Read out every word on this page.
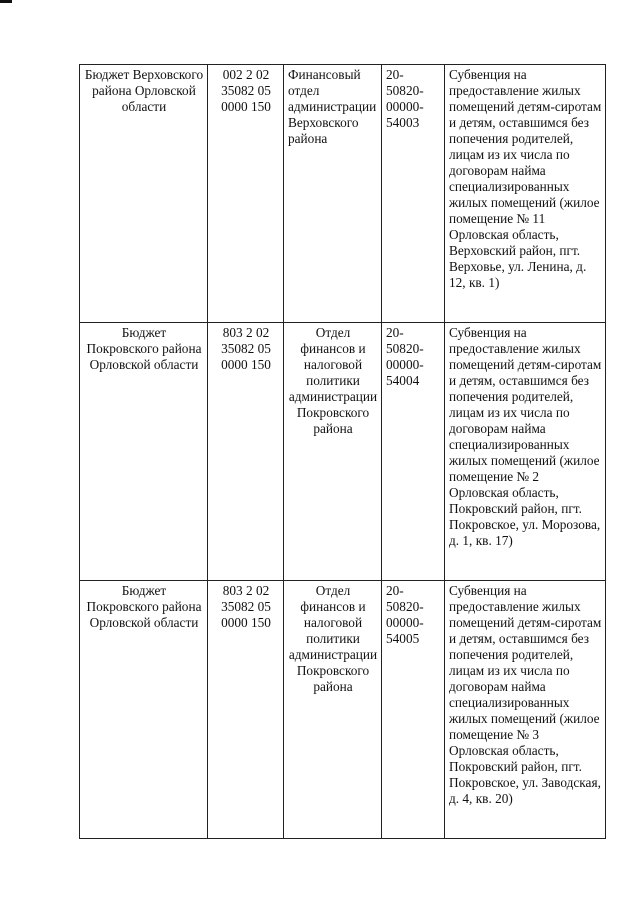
Бюджет Верховского района Орловской области	002 2 02 35082 05 0000 150	Финансовый отдел администрации Верховского района	20-50820-00000-54003	Субвенция на предоставление жилых помещений детям-сиротам и детям, оставшимся без попечения родителей, лицам из их числа по договорам найма специализированных жилых помещений (жилое помещение № 11 Орловская область, Верховский район, пгт. Верховье, ул. Ленина, д. 12, кв. 1)
Бюджет Покровского района Орловской области	803 2 02 35082 05 0000 150	Отдел финансов и налоговой политики администрации Покровского района	20-50820-00000-54004	Субвенция на предоставление жилых помещений детям-сиротам и детям, оставшимся без попечения родителей, лицам из их числа по договорам найма специализированных жилых помещений (жилое помещение № 2 Орловская область, Покровский район, пгт. Покровское, ул. Морозова, д. 1, кв. 17)
Бюджет Покровского района Орловской области	803 2 02 35082 05 0000 150	Отдел финансов и налоговой политики администрации Покровского района	20-50820-00000-54005	Субвенция на предоставление жилых помещений детям-сиротам и детям, оставшимся без попечения родителей, лицам из их числа по договорам найма специализированных жилых помещений (жилое помещение № 3 Орловская область, Покровский район, пгт. Покровское, ул. Заводская, д. 4, кв. 20)
